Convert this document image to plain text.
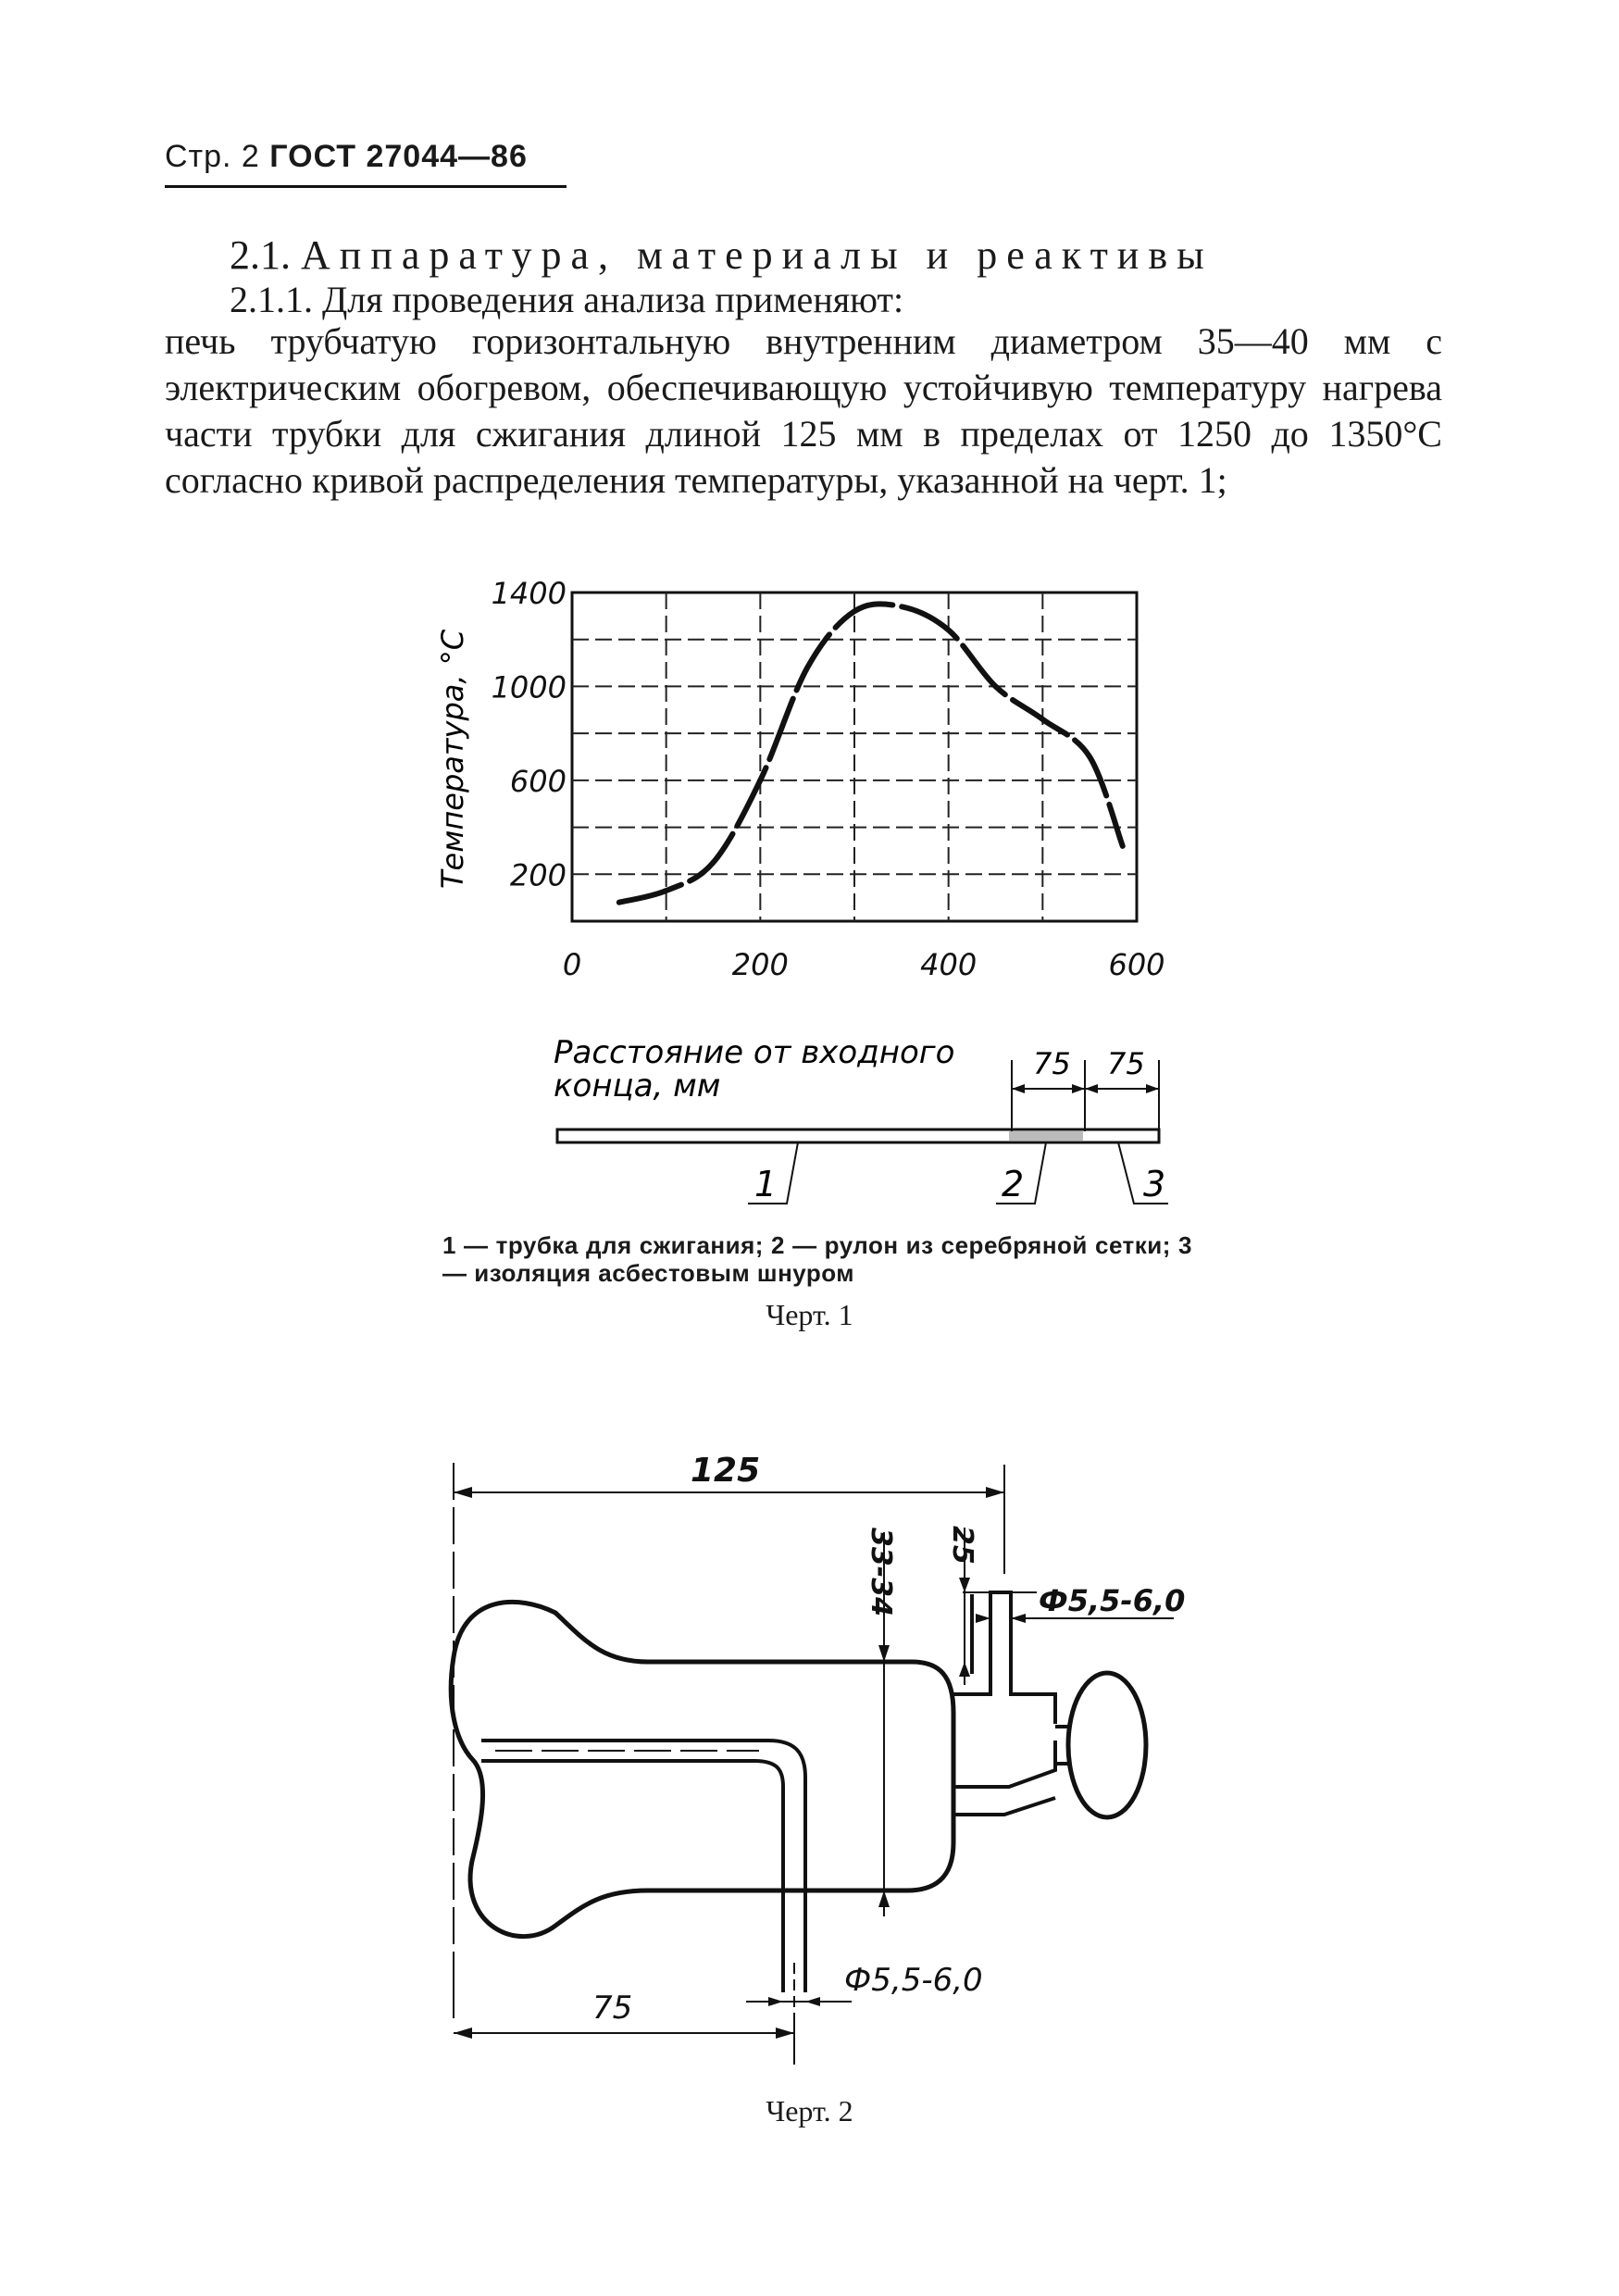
Стр. 2 ГОСТ 27044—86
2.1. Аппаратура, материалы и реактивы
2.1.1. Для проведения анализа применяют:
печь трубчатую горизонтальную внутренним диаметром 35—40 мм с электрическим обогревом, обеспечивающую устойчивую температуру нагрева части трубки для сжигания длиной 125 мм в пределах от 1250 до 1350°С согласно кривой распределения температуры, указанной на черт. 1;
0	200	400	600
200
600
1000
1400
Температура, °С
Расстояние от входного
конца, мм
75 75
1	2	3
125
33-34 25
Ф5,5-6,0
Ф5,5-6,0
75
1 — трубка для сжигания; 2 — рулон из серебряной сетки; 3 — изоляция асбестовым шнуром
Черт. 1
Черт. 2
